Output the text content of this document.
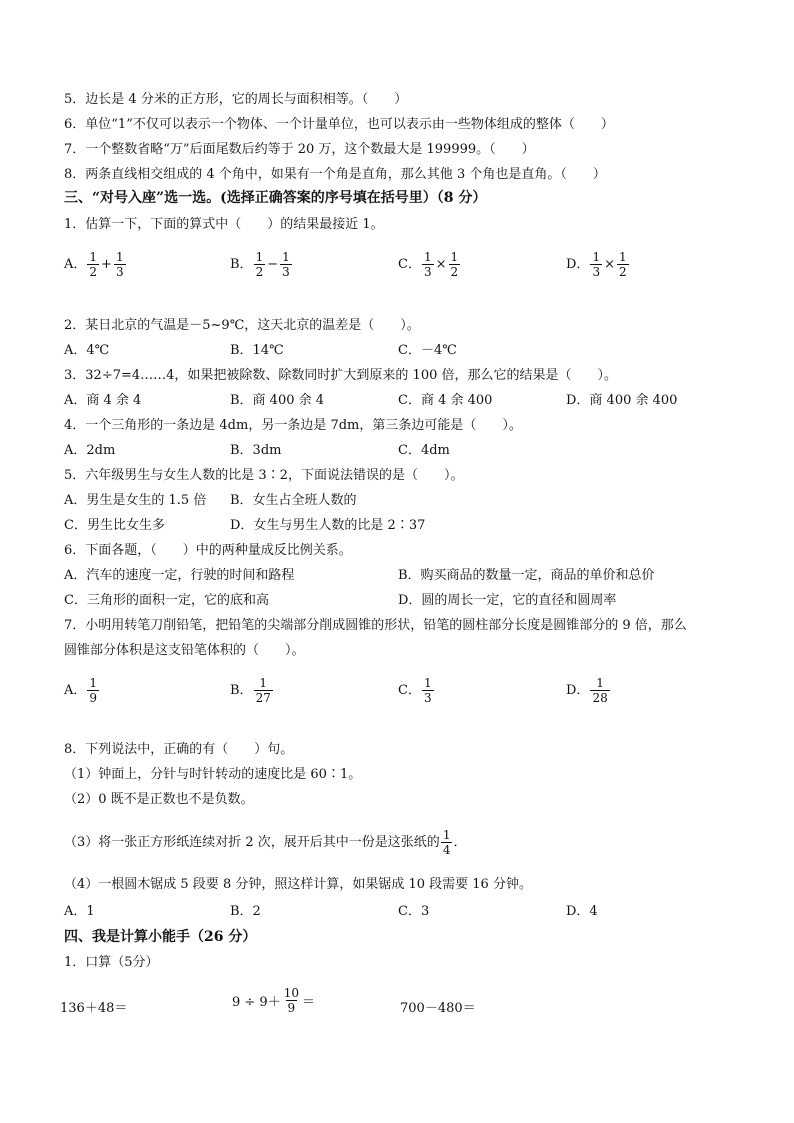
5．边长是 4 分米的正方形，它的周长与面积相等。（　　）
6．单位“1”不仅可以表示一个物体、一个计量单位，也可以表示由一些物体组成的整体（　　）
7．一个整数省略“万”后面尾数后约等于 20 万，这个数最大是 199999。（　　）
8．两条直线相交组成的 4 个角中，如果有一个角是直角，那么其他 3 个角也是直角。（　　）
三、“对号入座”选一选。(选择正确答案的序号填在括号里）（8 分）
1．估算一下，下面的算式中（　　）的结果最接近 1。
A． $\frac{1}{2} + \frac{1}{3}$	B． $\frac{1}{2} - \frac{1}{3}$	C． $\frac{1}{3} \times \frac{1}{2}$	D． $\frac{1}{3} \times \frac{1}{2}$
2．某日北京的气温是－5~9℃，这天北京的温差是（　　）。
A．4℃	B．14℃	C．－4℃
3．32÷7=4……4，如果把被除数、除数同时扩大到原来的 100 倍，那么它的结果是（　　）。
A．商 4 余 4	B．商 400 余 4	C．商 4 余 400	D．商 400 余 400
4．一个三角形的一条边是 4dm，另一条边是 7dm，第三条边可能是（　　）。
A．2dm	B．3dm	C．4dm
5．六年级男生与女生人数的比是 3∶2，下面说法错误的是（　　）。
A．男生是女生的 1.5 倍 B．女生占全班人数的
C．男生比女生多	D．女生与男生人数的比是 2∶37
6．下面各题，（　　）中的两种量成反比例关系。
A．汽车的速度一定，行驶的时间和路程	B．购买商品的数量一定，商品的单价和总价
C．三角形的面积一定，它的底和高	D．圆的周长一定，它的直径和圆周率
7．小明用转笔刀削铅笔，把铅笔的尖端部分削成圆锥的形状，铅笔的圆柱部分长度是圆锥部分的 9 倍，那么
圆锥部分体积是这支铅笔体积的（　　）。
A． $\frac{1}{9}$	B． $\frac{1}{27}$	C． $\frac{1}{3}$	D． $\frac{1}{28}$
8．下列说法中，正确的有（　　）句。
（1）钟面上，分针与时针转动的速度比是 60∶1。
（2）0 既不是正数也不是负数。
（3）将一张正方形纸连续对折 2 次，展开后其中一份是这张纸的 $\frac{1}{4}$ ．
（4）一根圆木锯成 5 段要 8 分钟，照这样计算，如果锯成 10 段需要 16 分钟。
A．1	B．2	C．3	D．4
四、我是计算小能手（26 分）
1．口算（5分）
136＋48＝	$9 \div 9+ \frac{10}{9}$ ＝	700－480＝
